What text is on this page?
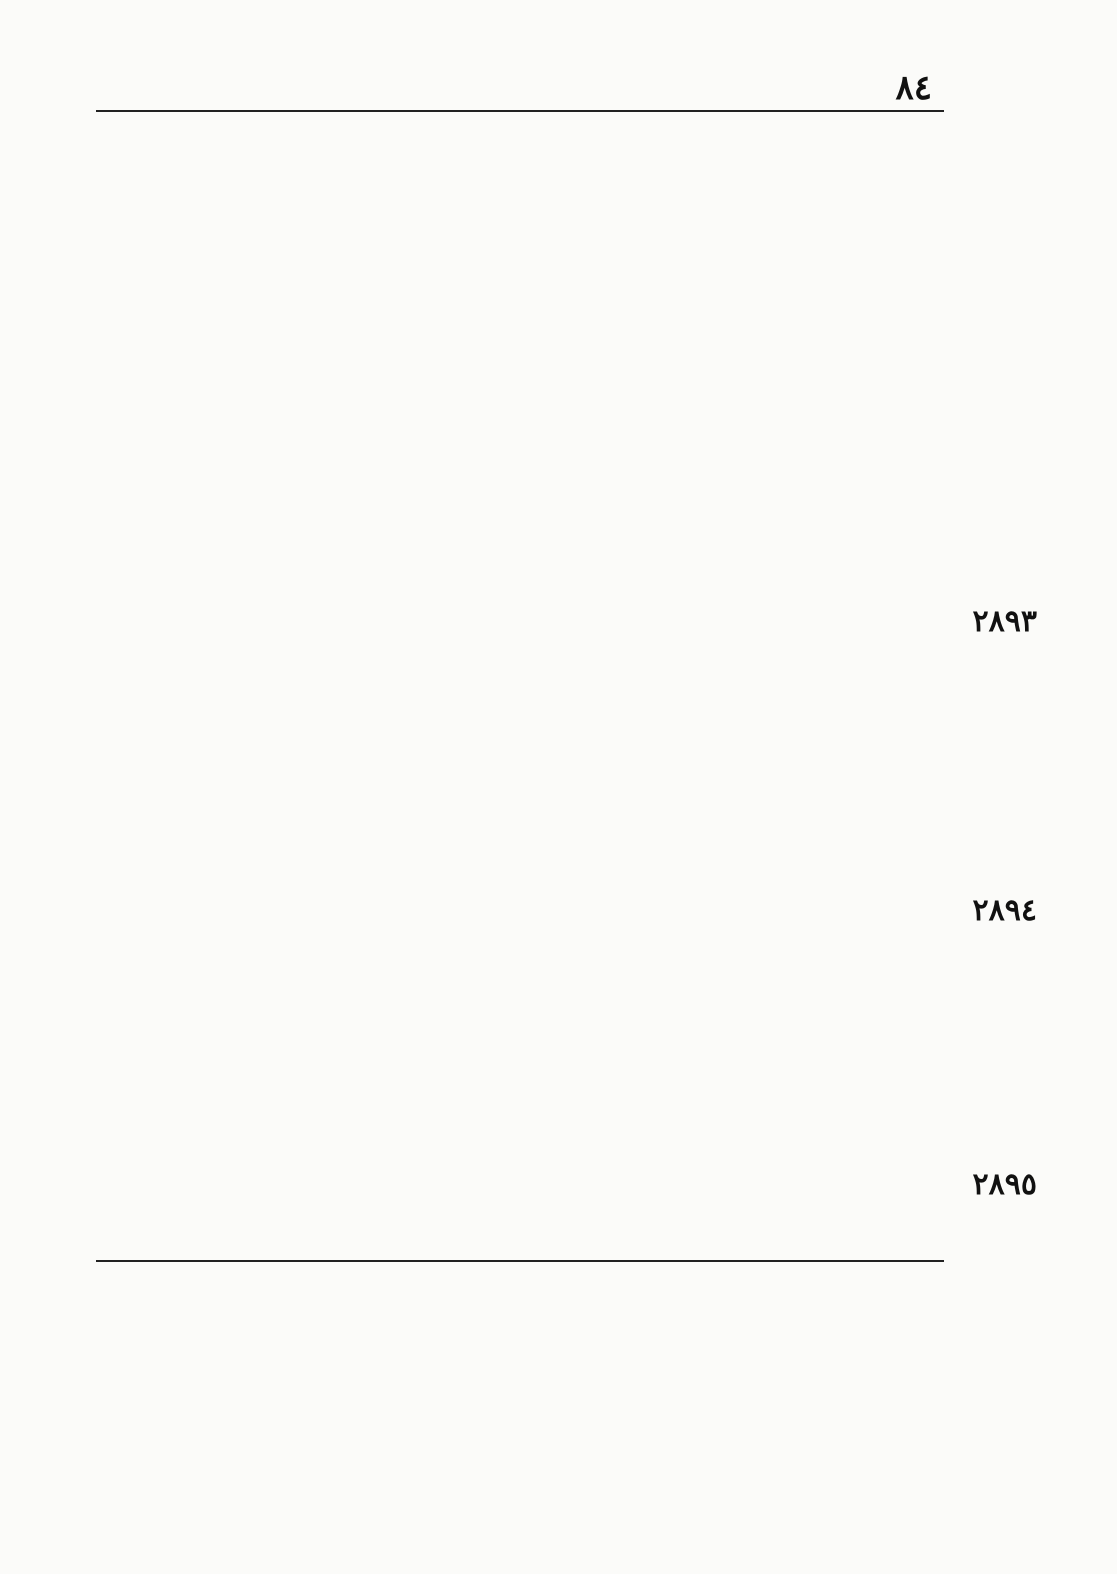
٨٤
٢٨٩٣
٢٨٩٤
٢٨٩٥
